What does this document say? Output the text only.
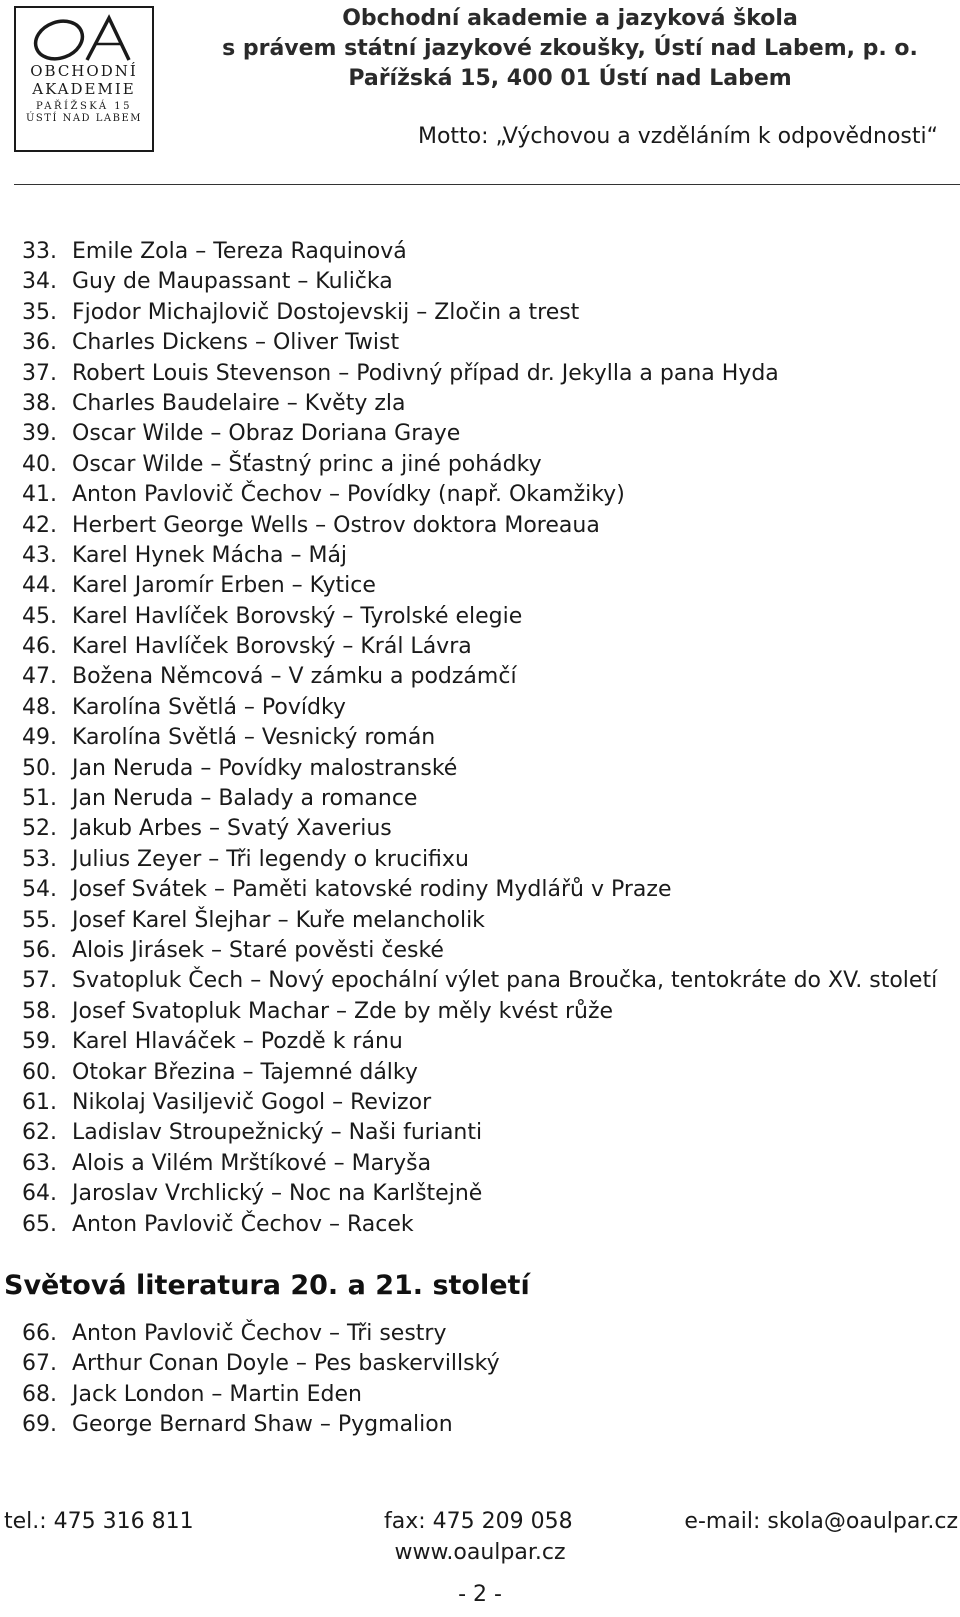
OBCHODNÍ
AKADEMIE
PAŘÍŽSKÁ 15
ÚSTÍ NAD LABEM
Obchodní akademie a jazyková škola
s právem státní jazykové zkoušky, Ústí nad Labem, p. o.
Pařížská 15, 400 01 Ústí nad Labem
Motto: „Výchovou a vzděláním k odpovědnosti“
33. Emile Zola – Tereza Raquinová
34. Guy de Maupassant – Kulička
35. Fjodor Michajlovič Dostojevskij – Zločin a trest
36. Charles Dickens – Oliver Twist
37. Robert Louis Stevenson – Podivný případ dr. Jekylla a pana Hyda
38. Charles Baudelaire – Květy zla
39. Oscar Wilde – Obraz Doriana Graye
40. Oscar Wilde – Šťastný princ a jiné pohádky
41. Anton Pavlovič Čechov – Povídky (např. Okamžiky)
42. Herbert George Wells – Ostrov doktora Moreaua
43. Karel Hynek Mácha – Máj
44. Karel Jaromír Erben – Kytice
45. Karel Havlíček Borovský – Tyrolské elegie
46. Karel Havlíček Borovský – Král Lávra
47. Božena Němcová – V zámku a podzámčí
48. Karolína Světlá – Povídky
49. Karolína Světlá – Vesnický román
50. Jan Neruda – Povídky malostranské
51. Jan Neruda – Balady a romance
52. Jakub Arbes – Svatý Xaverius
53. Julius Zeyer – Tři legendy o krucifixu
54. Josef Svátek – Paměti katovské rodiny Mydlářů v Praze
55. Josef Karel Šlejhar – Kuře melancholik
56. Alois Jirásek – Staré pověsti české
57. Svatopluk Čech – Nový epochální výlet pana Broučka, tentokráte do XV. století
58. Josef Svatopluk Machar – Zde by měly kvést růže
59. Karel Hlaváček – Pozdě k ránu
60. Otokar Březina – Tajemné dálky
61. Nikolaj Vasiljevič Gogol – Revizor
62. Ladislav Stroupežnický – Naši furianti
63. Alois a Vilém Mrštíkové – Maryša
64. Jaroslav Vrchlický – Noc na Karlštejně
65. Anton Pavlovič Čechov – Racek
Světová literatura 20. a 21. století
66. Anton Pavlovič Čechov – Tři sestry
67. Arthur Conan Doyle – Pes baskervillský
68. Jack London – Martin Eden
69. George Bernard Shaw – Pygmalion
tel.: 475 316 811	fax: 475 209 058	e-mail: skola@oaulpar.cz
www.oaulpar.cz
- 2 -
